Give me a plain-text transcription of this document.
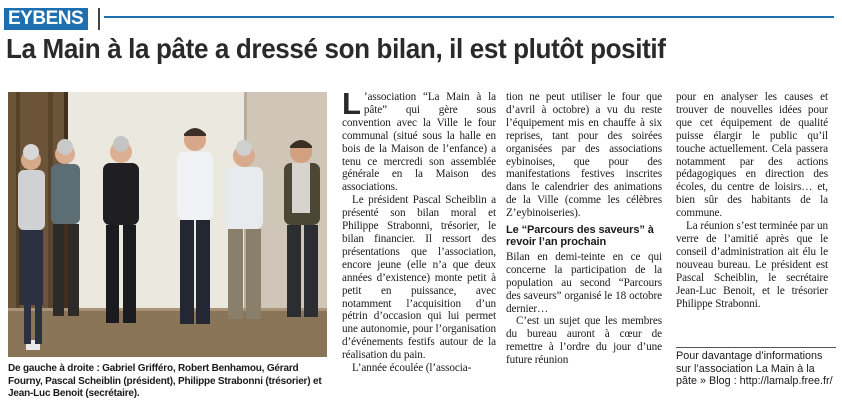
EYBENS
La Main à la pâte a dressé son bilan, il est plutôt positif
De gauche à droite : Gabriel Grifféro, Robert Benhamou, Gérard Fourny, Pascal Scheiblin (président), Philippe Strabonni (trésorier) et Jean-Luc Benoit (secrétaire).
L ’association “La Main à la pâte” qui gère sous convention avec la Ville le four communal (situé sous la halle en bois de la Maison de l’enfance) a tenu ce mercredi son assemblée générale en la Maison des associations.

Le président Pascal Scheiblin a présenté son bilan moral et Philippe Strabonni, trésorier, le bilan financier. Il ressort des présentations que l’association, encore jeune (elle n’a que deux années d’existence) monte petit à petit en puissance, avec notamment l’acquisition d’un pétrin d’occasion qui lui permet une autonomie, pour l’organisation d’événements festifs autour de la réalisation du pain.

L’année écoulée (l’associa-

tion ne peut utiliser le four que d’avril à octobre) a vu du reste l’équipement mis en chauffe à six reprises, tant pour des soirées organisées par des associations eybinoises, que pour des manifestations festives inscrites dans le calendrier des animations de la Ville (comme les célèbres Z’eybinoiseries).

Le “Parcours des saveurs” à revoir l’an prochain

Bilan en demi-teinte en ce qui concerne la participation de la population au second “Parcours des saveurs” organisé le 18 octobre dernier…

C’est un sujet que les membres du bureau auront à cœur de remettre à l’ordre du jour d’une future réunion

pour en analyser les causes et trouver de nouvelles idées pour que cet équipement de qualité puisse élargir le public qu’il touche actuellement. Cela passera notamment par des actions pédagogiques en direction des écoles, du centre de loisirs… et, bien sûr des habitants de la commune.

La réunion s’est terminée par un verre de l’amitié après que le conseil d’administration ait élu le nouveau bureau. Le président est Pascal Scheiblin, le secrétaire Jean-Luc Benoit, et le trésorier Philippe Strabonni.

Pour davantage d’informations sur l’association La Main à la pâte » Blog : http://lamalp.free.fr/
